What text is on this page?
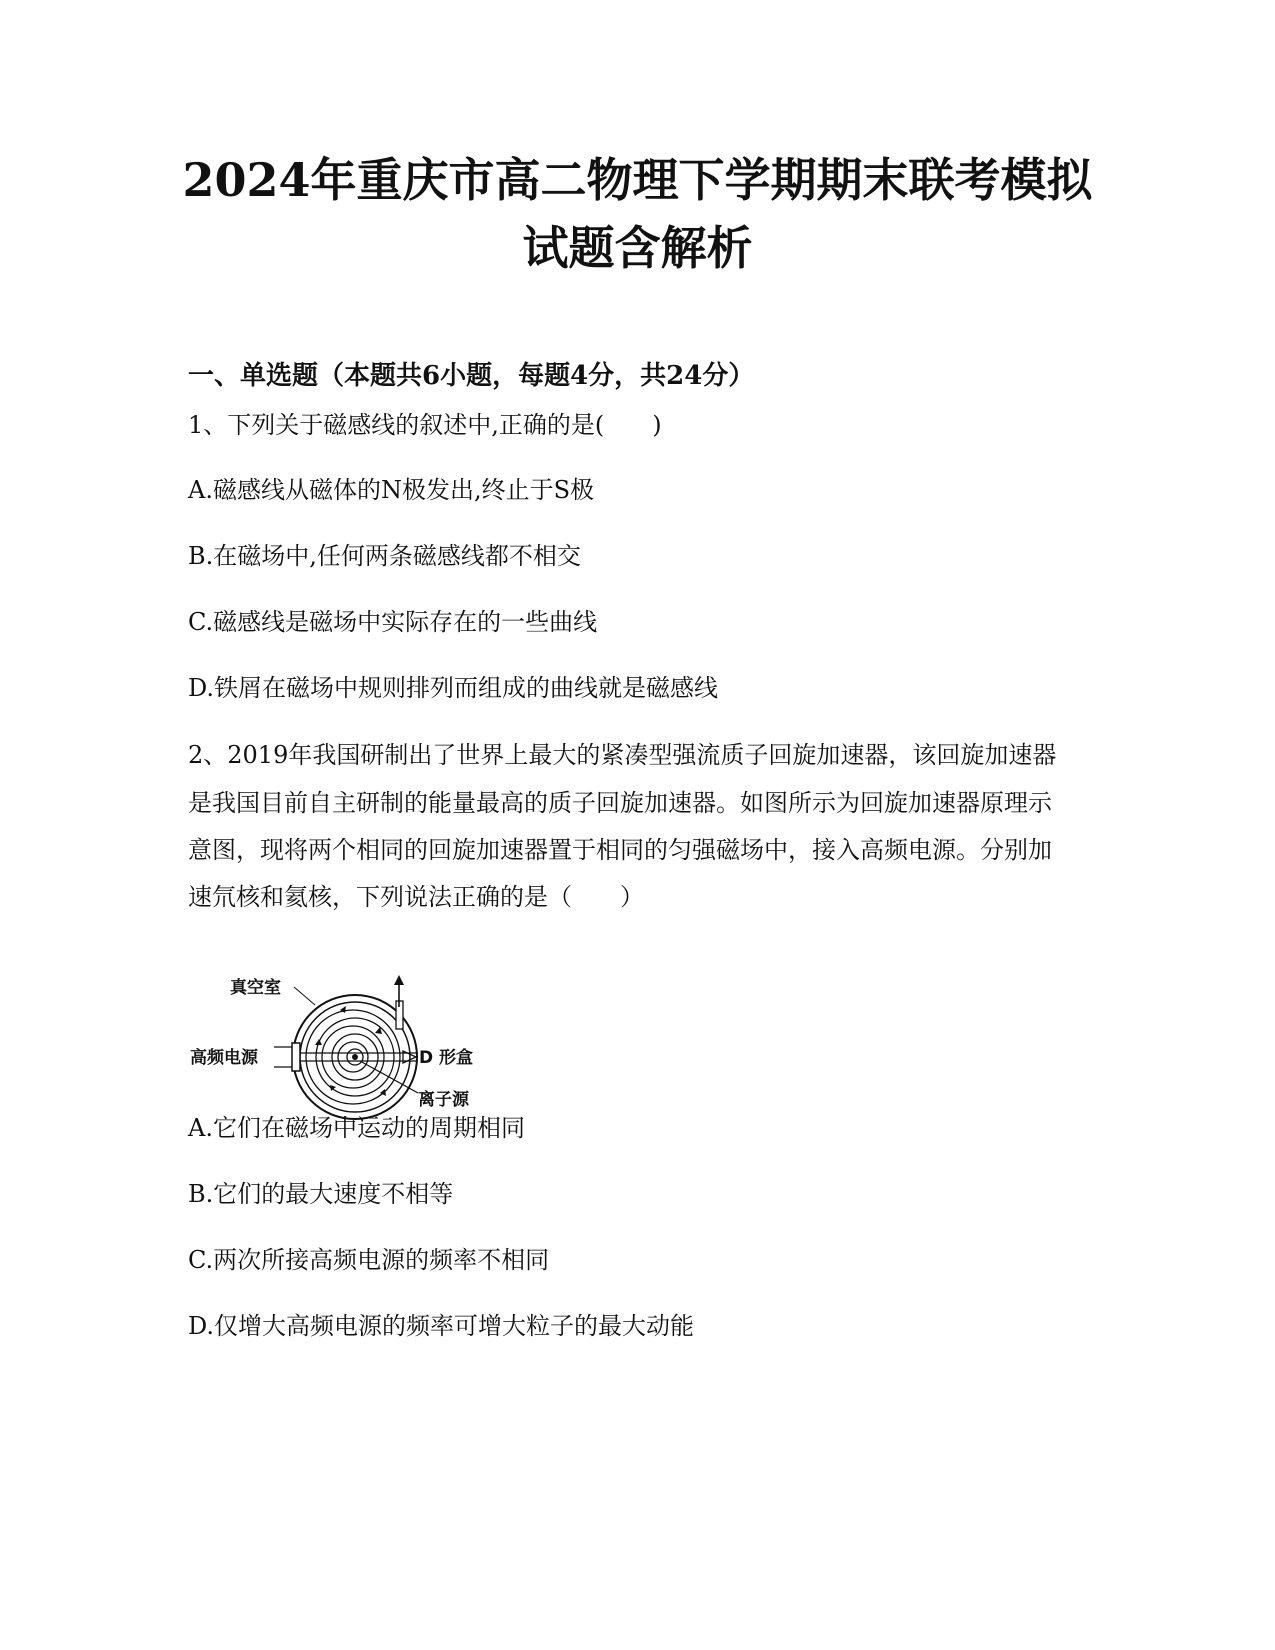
2024年重庆市高二物理下学期期末联考模拟
试题含解析
一、单选题（本题共6小题，每题4分，共24分）
1、下列关于磁感线的叙述中,正确的是(　　)
A.磁感线从磁体的N极发出,终止于S极
B.在磁场中,任何两条磁感线都不相交
C.磁感线是磁场中实际存在的一些曲线
D.铁屑在磁场中规则排列而组成的曲线就是磁感线
2、2019年我国研制出了世界上最大的紧凑型强流质子回旋加速器，该回旋加速器
是我国目前自主研制的能量最高的质子回旋加速器。如图所示为回旋加速器原理示
意图，现将两个相同的回旋加速器置于相同的匀强磁场中，接入高频电源。分别加
速氘核和氦核，下列说法正确的是（　　）
真空室
高频电源	D 形盒
离子源
A.它们在磁场中运动的周期相同
B.它们的最大速度不相等
C.两次所接高频电源的频率不相同
D.仅增大高频电源的频率可增大粒子的最大动能
